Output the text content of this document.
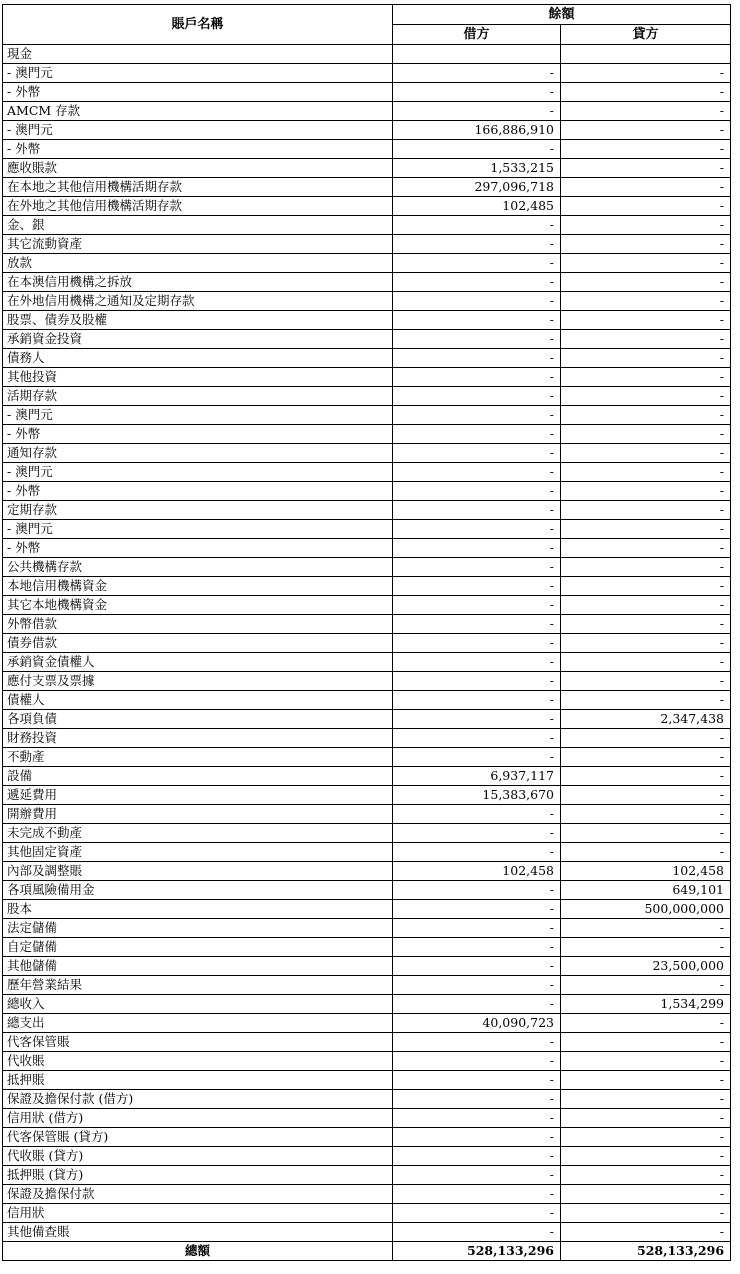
賬戶名稱	餘額	
	借方	貸方
現金		
- 澳門元	-	-
- 外幣	-	-
AMCM 存款	-	-
- 澳門元	166,886,910	-
- 外幣	-	-
應收賬款	1,533,215	-
在本地之其他信用機構活期存款	297,096,718	-
在外地之其他信用機構活期存款	102,485	-
金、銀	-	-
其它流動資產	-	-
放款	-	-
在本澳信用機構之拆放	-	-
在外地信用機構之通知及定期存款	-	-
股票、債券及股權	-	-
承銷資金投資	-	-
債務人	-	-
其他投資	-	-
活期存款	-	-
- 澳門元	-	-
- 外幣	-	-
通知存款	-	-
- 澳門元	-	-
- 外幣	-	-
定期存款	-	-
- 澳門元	-	-
- 外幣	-	-
公共機構存款	-	-
本地信用機構資金	-	-
其它本地機構資金	-	-
外幣借款	-	-
債券借款	-	-
承銷資金債權人	-	-
應付支票及票據	-	-
債權人	-	-
各項負債	-	2,347,438
財務投資	-	-
不動產	-	-
設備	6,937,117	-
遞延費用	15,383,670	-
開辦費用	-	-
未完成不動產	-	-
其他固定資產	-	-
內部及調整賬	102,458	102,458
各項風險備用金	-	649,101
股本	-	500,000,000
法定儲備	-	-
自定儲備	-	-
其他儲備	-	23,500,000
歷年營業結果	-	-
總收入	-	1,534,299
總支出	40,090,723	-
代客保管賬	-	-
代收賬	-	-
抵押賬	-	-
保證及擔保付款 (借方)	-	-
信用狀 (借方)	-	-
代客保管賬 (貸方)	-	-
代收賬 (貸方)	-	-
抵押賬 (貸方)	-	-
保證及擔保付款	-	-
信用狀	-	-
其他備查賬	-	-
總額	528,133,296	528,133,296
